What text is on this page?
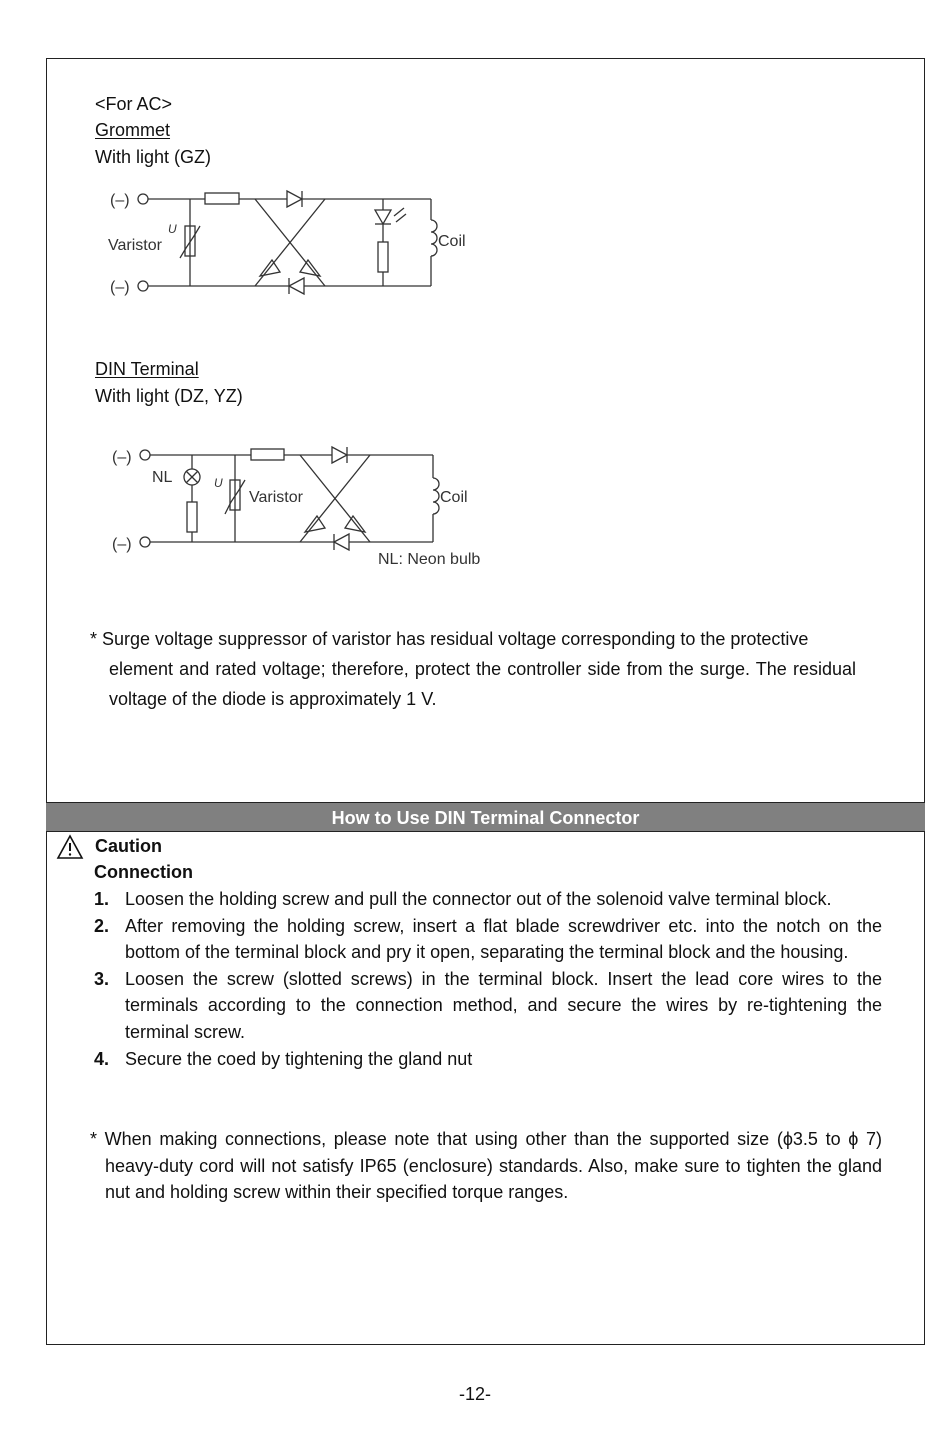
<For AC>
Grommet
With light (GZ)
(–)
(–)
U
Varistor	Coil
DIN Terminal
With light (DZ, YZ)
(–)
(–)
NL	U
Varistor	Coil
NL: Neon bulb
* Surge voltage suppressor of varistor has residual voltage corresponding to the protective
element and rated voltage; therefore, protect the controller side from the surge. The residual voltage of the diode is approximately 1 V.
How to Use DIN Terminal Connector
Caution
Connection
1. Loosen the holding screw and pull the connector out of the solenoid valve terminal block.
2. After removing the holding screw, insert a flat blade screwdriver etc. into the notch on the bottom of the terminal block and pry it open, separating the terminal block and the housing.
3. Loosen the screw (slotted screws) in the terminal block. Insert the lead core wires to the terminals according to the connection method, and secure the wires by re-tightening the terminal screw.
4. Secure the coed by tightening the gland nut
* When making connections, please note that using other than the supported size (ϕ3.5 to ϕ 7) heavy-duty cord will not satisfy IP65 (enclosure) standards. Also, make sure to tighten the gland nut and holding screw within their specified torque ranges.
-12-
